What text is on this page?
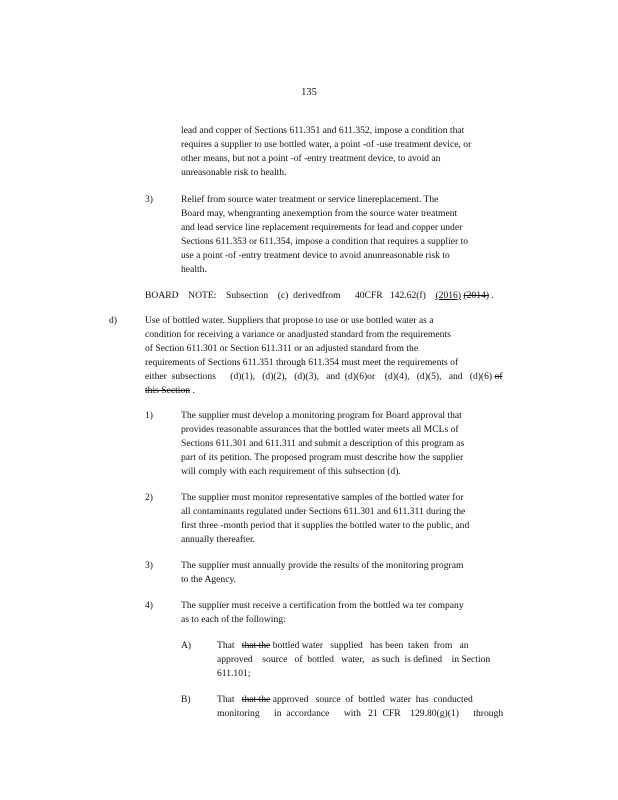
135
lead and copper of Sections 611.351 and 611.352, impose a condition that
requires a supplier to use bottled water, a point -of -use treatment device, or
other means, but not a point -of -entry treatment device, to avoid an
unreasonable risk to health.
3)	Relief from source water treatment or service linereplacement. The
Board may, whengranting anexemption from the source water treatment
and lead service line replacement requirements for lead and copper under
Sections 611.353 or 611.354, impose a condition that requires a supplier to
use a point -of -entry treatment device to avoid anunreasonable risk to
health.
BOARD    NOTE:    Subsection    (c)  derivedfrom      40CFR   142.62(f) (2016) (2014) .
d)	Use of bottled water. Suppliers that propose to use or use bottled water as a
condition for receiving a variance or anadjusted standard from the requirements
of Section 611.301 or Section 611.311 or an adjusted standard from the
requirements of Sections 611.351 through 611.354 must meet the requirements of
either  subsections      (d)(1),   (d)(2),   (d)(3),   and  (d)(6)or    (d)(4),   (d)(5),   and   (d)(6) of
this Section .
1)	The supplier must develop a monitoring program for Board approval that
provides reasonable assurances that the bottled water meets all MCLs of
Sections 611.301 and 611.311 and submit a description of this program as
part of its petition. The proposed program must describe how the supplier
will comply with each requirement of this subsection (d).
2)	The supplier must monitor representative samples of the bottled water for
all contaminants regulated under Sections 611.301 and 611.311 during the
first three -month period that it supplies the bottled water to the public, and
annually thereafter.
3)	The supplier must annually provide the results of the monitoring program
to the Agency.
4)	The supplier must receive a certification from the bottled wa ter company
as to each of the following:
A)	That that the bottled water   supplied   has been  taken  from   an
approved    source   of  bottled   water,   as such  is defined    in Section
611.101;
B)	That that the approved   source  of  bottled  water  has  conducted
monitoring      in  accordance      with   21  CFR    129.80(g)(1)      through
